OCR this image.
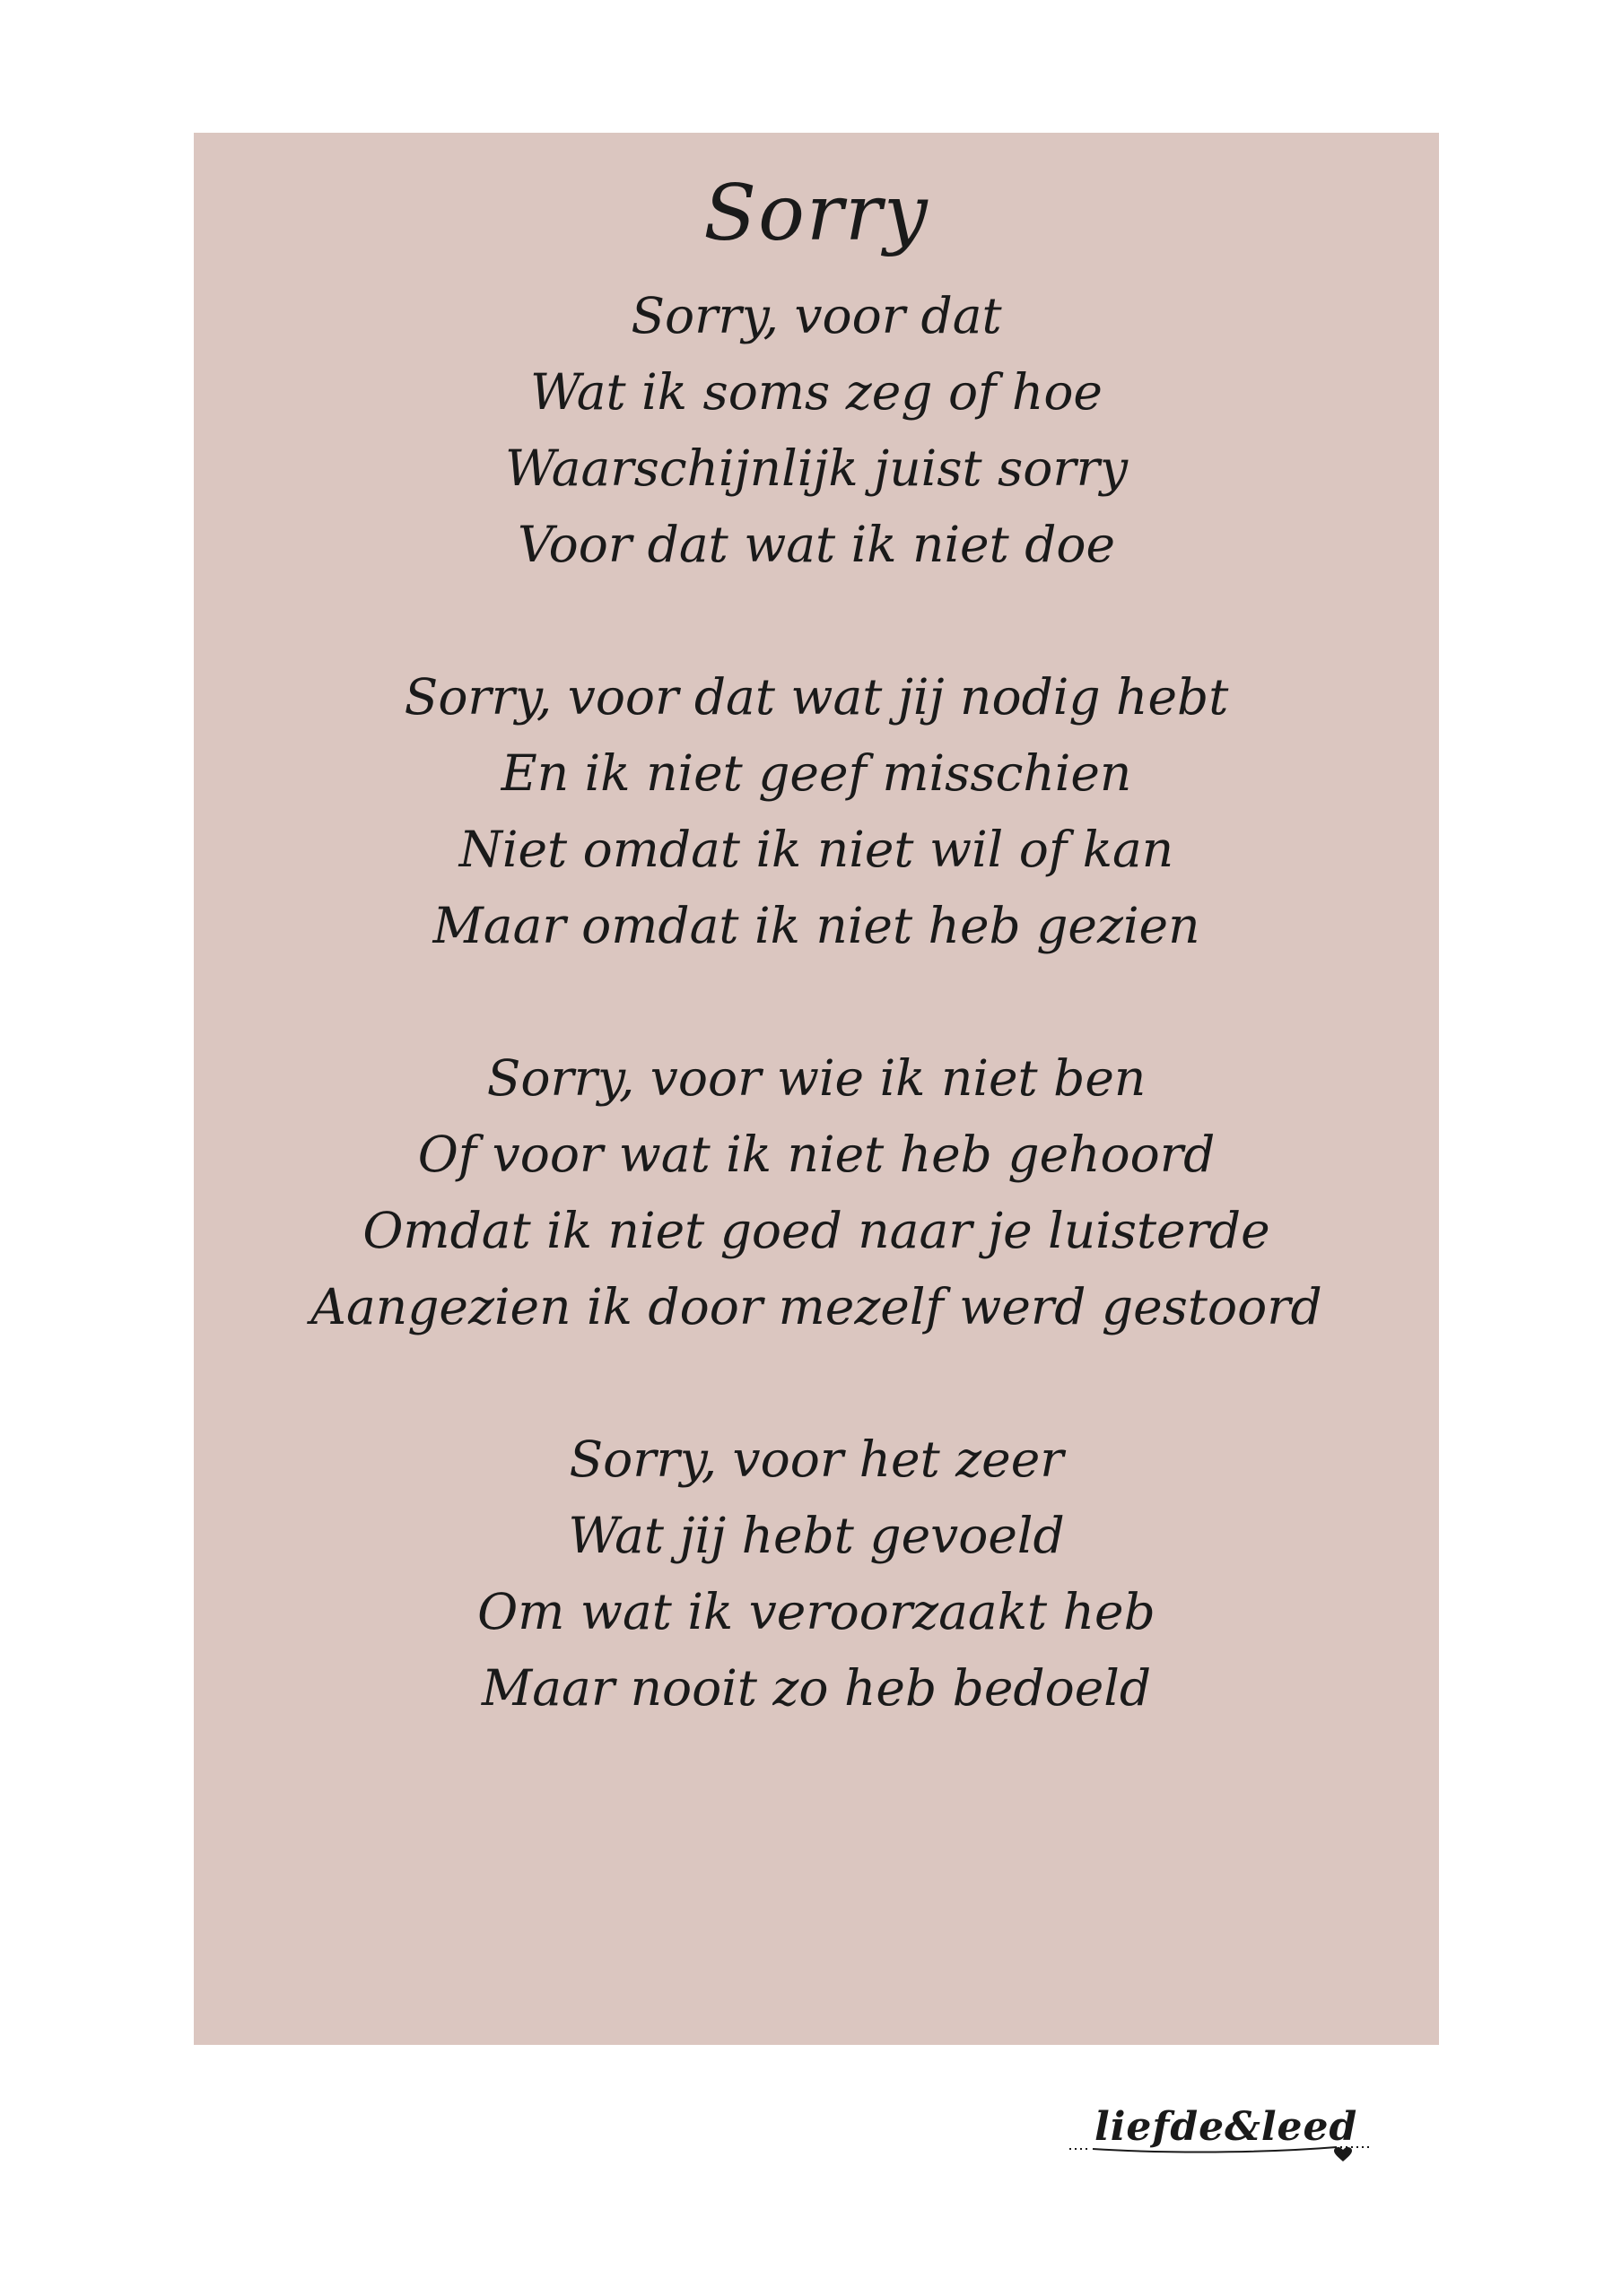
Sorry
Sorry, voor dat
Wat ik soms zeg of hoe
Waarschijnlijk juist sorry
Voor dat wat ik niet doe
Sorry, voor dat wat jij nodig hebt
En ik niet geef misschien
Niet omdat ik niet wil of kan
Maar omdat ik niet heb gezien
Sorry, voor wie ik niet ben
Of voor wat ik niet heb gehoord
Omdat ik niet goed naar je luisterde
Aangezien ik door mezelf werd gestoord
Sorry, voor het zeer
Wat jij hebt gevoeld
Om wat ik veroorzaakt heb
Maar nooit zo heb bedoeld
liefde&leed
